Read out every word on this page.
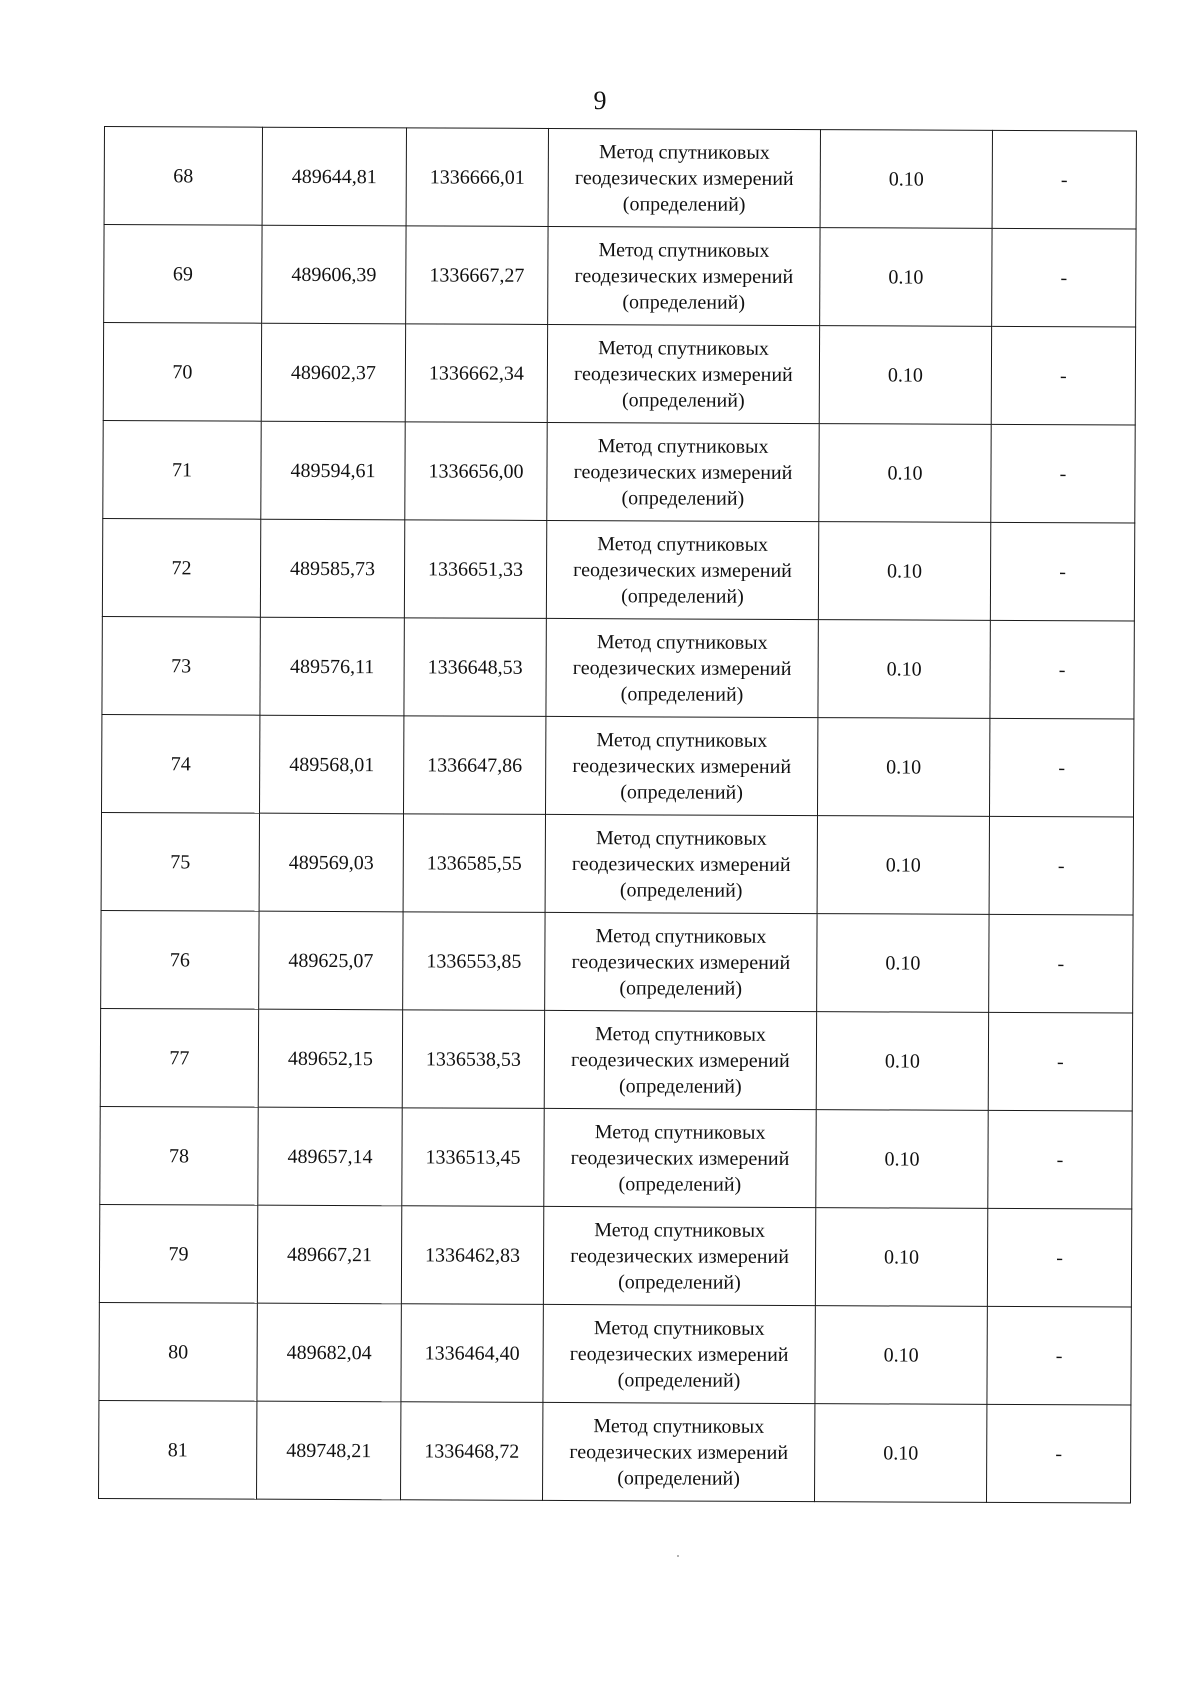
9
68	489644,81	1336666,01	Метод спутниковых
геодезических измерений
(определений)	0.10	-
69	489606,39	1336667,27	Метод спутниковых
геодезических измерений
(определений)	0.10	-
70	489602,37	1336662,34	Метод спутниковых
геодезических измерений
(определений)	0.10	-
71	489594,61	1336656,00	Метод спутниковых
геодезических измерений
(определений)	0.10	-
72	489585,73	1336651,33	Метод спутниковых
геодезических измерений
(определений)	0.10	-
73	489576,11	1336648,53	Метод спутниковых
геодезических измерений
(определений)	0.10	-
74	489568,01	1336647,86	Метод спутниковых
геодезических измерений
(определений)	0.10	-
75	489569,03	1336585,55	Метод спутниковых
геодезических измерений
(определений)	0.10	-
76	489625,07	1336553,85	Метод спутниковых
геодезических измерений
(определений)	0.10	-
77	489652,15	1336538,53	Метод спутниковых
геодезических измерений
(определений)	0.10	-
78	489657,14	1336513,45	Метод спутниковых
геодезических измерений
(определений)	0.10	-
79	489667,21	1336462,83	Метод спутниковых
геодезических измерений
(определений)	0.10	-
80	489682,04	1336464,40	Метод спутниковых
геодезических измерений
(определений)	0.10	-
81	489748,21	1336468,72	Метод спутниковых
геодезических измерений
(определений)	0.10	-
